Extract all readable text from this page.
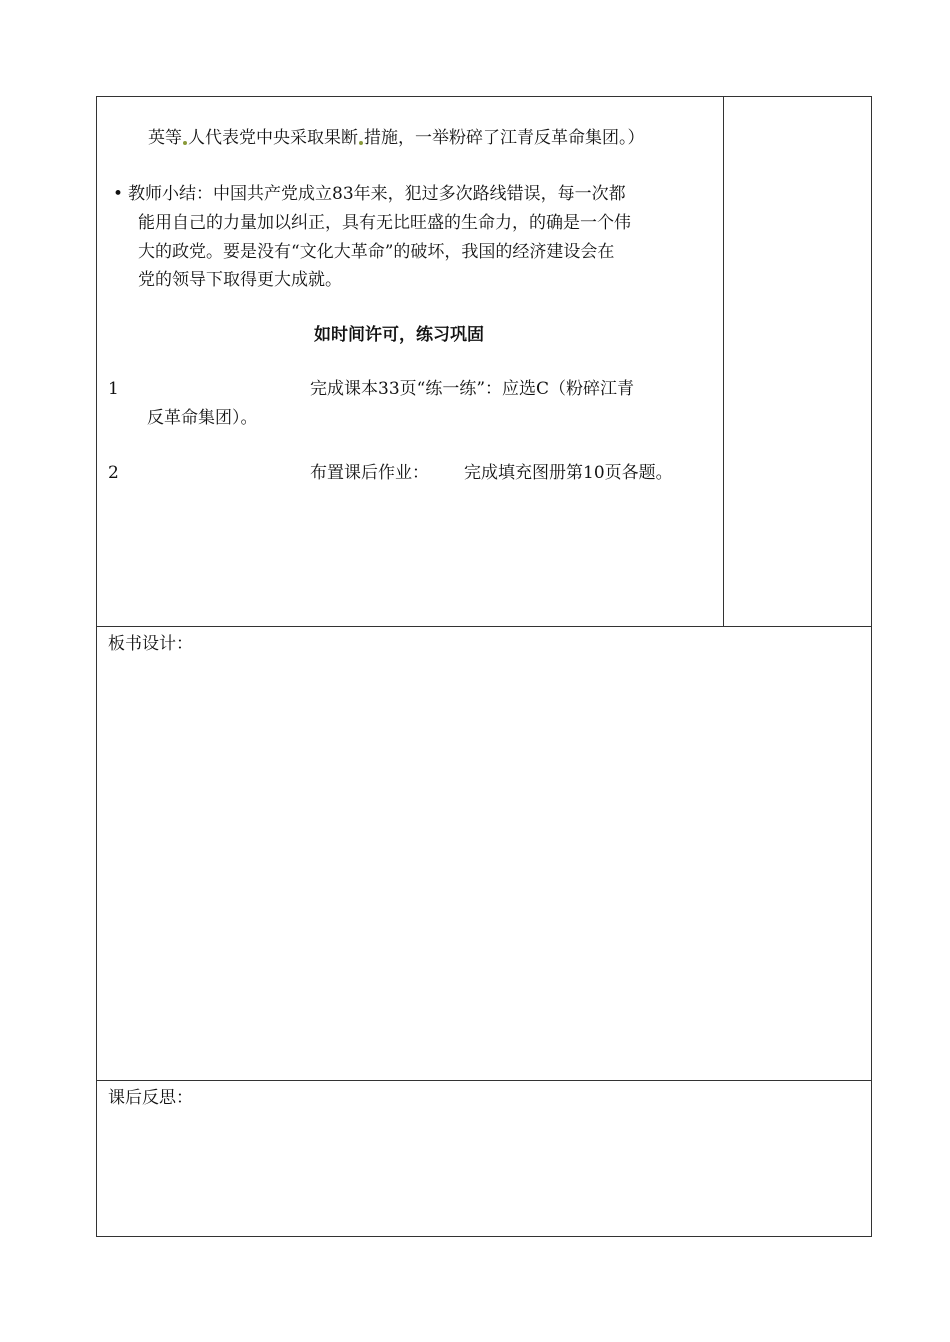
英等 人代表党中央采取果断 措施，一举粉碎了江青反革命集团。）
• 教师小结：中国共产党成立83年来，犯过多次路线错误，每一次都
能用自己的力量加以纠正，具有无比旺盛的生命力，的确是一个伟
大的政党。要是没有“文化大革命”的破坏，我国的经济建设会在
党的领导下取得更大成就。
如时间许可，练习巩固
1	完成课本33页“练一练”：应选C（粉碎江青
反革命集团）。
2	布置课后作业： 完成填充图册第10页各题。
板书设计：
课后反思：
